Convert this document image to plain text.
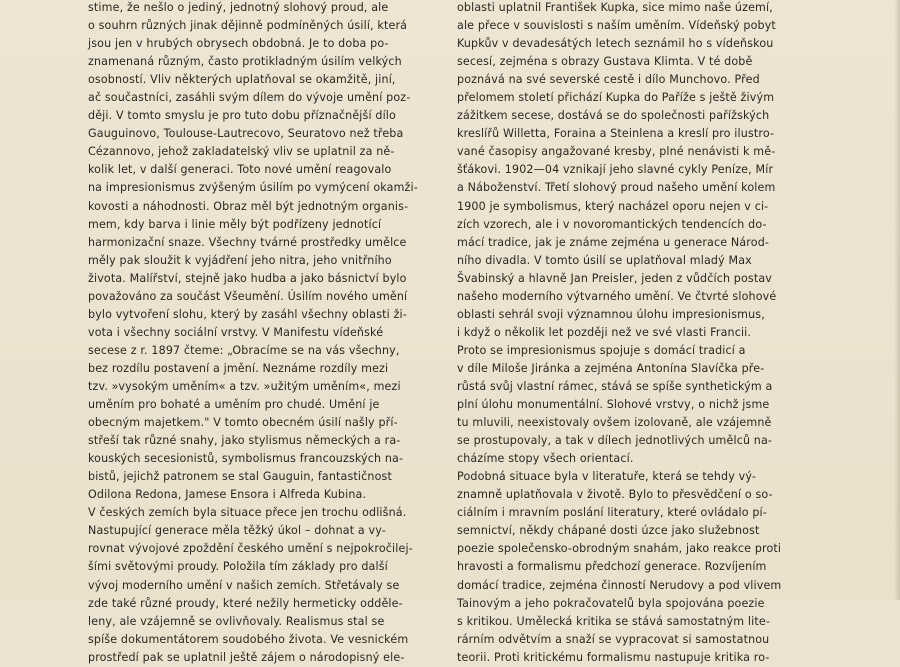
stime, že nešlo o jediný, jednotný slohový proud, ale
o souhrn různých jinak dějinně podmíněných úsilí, která
jsou jen v hrubých obrysech obdobná. Je to doba po-
znamenaná různým, často protikladným úsilím velkých
osobností. Vliv některých uplatňoval se okamžitě, jiní,
ač součastníci, zasáhli svým dílem do vývoje umění poz-
ději. V tomto smyslu je pro tuto dobu příznačnější dílo
Gauguinovo, Toulouse-Lautrecovo, Seuratovo než třeba
Cézannovo, jehož zakladatelský vliv se uplatnil za ně-
kolik let, v další generaci. Toto nové umění reagovalo
na impresionismus zvýšeným úsilím po vymýcení okamži-
kovosti a náhodnosti. Obraz měl být jednotným organis-
mem, kdy barva i linie měly být podřízeny jednotící
harmonizační snaze. Všechny tvárné prostředky umělce
měly pak sloužit k vyjádření jeho nitra, jeho vnitřního
života. Malířství, stejně jako hudba a jako básnictví bylo
považováno za součást Všeumění. Úsilím nového umění
bylo vytvoření slohu, který by zasáhl všechny oblasti ži-
vota i všechny sociální vrstvy. V Manifestu vídeňské
secese z r. 1897 čteme: „Obracíme se na vás všechny,
bez rozdílu postavení a jmění. Neznáme rozdíly mezi
tzv. »vysokým uměním« a tzv. »užitým uměním«, mezi
uměním pro bohaté a uměním pro chudé. Umění je
obecným majetkem." V tomto obecném úsilí našly pří-
střeší tak různé snahy, jako stylismus německých a ra-
kouských secesionistů, symbolismus francouzských na-
bistů, jejichž patronem se stal Gauguin, fantastičnost
Odilona Redona, Jamese Ensora i Alfreda Kubina.
V českých zemích byla situace přece jen trochu odlišná.
Nastupující generace měla těžký úkol – dohnat a vy-
rovnat vývojové zpoždění českého umění s nejpokročilej-
šími světovými proudy. Položila tím základy pro další
vývoj moderního umění v našich zemích. Střetávaly se
zde také různé proudy, které nežily hermeticky odděle-
leny, ale vzájemně se ovlivňovaly. Realismus stal se
spíše dokumentátorem soudobého života. Ve vesnickém
prostředí pak se uplatnil ještě zájem o národopisný ele-
oblasti uplatnil František Kupka, sice mimo naše území,
ale přece v souvislosti s naším uměním. Vídeňský pobyt
Kupkův v devadesátých letech seznámil ho s vídeňskou
secesí, zejména s obrazy Gustava Klimta. V té době
poznává na své severské cestě i dílo Munchovo. Před
přelomem století přichází Kupka do Paříže s ještě živým
zážitkem secese, dostává se do společnosti pařížských
kreslířů Willetta, Foraina a Steinlena a kreslí pro ilustro-
vané časopisy angažované kresby, plné nenávisti k mě-
šťákovi. 1902—04 vznikají jeho slavné cykly Peníze, Mír
a Náboženství. Třetí slohový proud našeho umění kolem
1900 je symbolismus, který nacházel oporu nejen v ci-
zích vzorech, ale i v novoromantických tendencích do-
mácí tradice, jak je známe zejména u generace Národ-
ního divadla. V tomto úsilí se uplatňoval mladý Max
Švabinský a hlavně Jan Preisler, jeden z vůdčích postav
našeho moderního výtvarného umění. Ve čtvrté slohové
oblasti sehrál svoji významnou úlohu impresionismus,
i když o několik let později než ve své vlasti Francii.
Proto se impresionismus spojuje s domácí tradicí a
v díle Miloše Jiránka a zejména Antonína Slavíčka pře-
růstá svůj vlastní rámec, stává se spíše synthetickým a
plní úlohu monumentální. Slohové vrstvy, o nichž jsme
tu mluvili, neexistovaly ovšem izolovaně, ale vzájemně
se prostupovaly, a tak v dílech jednotlivých umělců na-
cházíme stopy všech orientací.
Podobná situace byla v literatuře, která se tehdy vý-
znamně uplatňovala v životě. Bylo to přesvědčení o so-
ciálním i mravním poslání literatury, které ovládalo pí-
semnictví, někdy chápané dosti úzce jako služebnost
poezie společensko-obrodným snahám, jako reakce proti
hravosti a formalismu předchozí generace. Rozvíjením
domácí tradice, zejména činností Nerudovy a pod vlivem
Tainovým a jeho pokračovatelů byla spojována poezie
s kritikou. Umělecká kritika se stává samostatným lite-
rárním odvětvím a snaží se vypracovat si samostatnou
teorii. Proti kritickému formalismu nastupuje kritika ro-
